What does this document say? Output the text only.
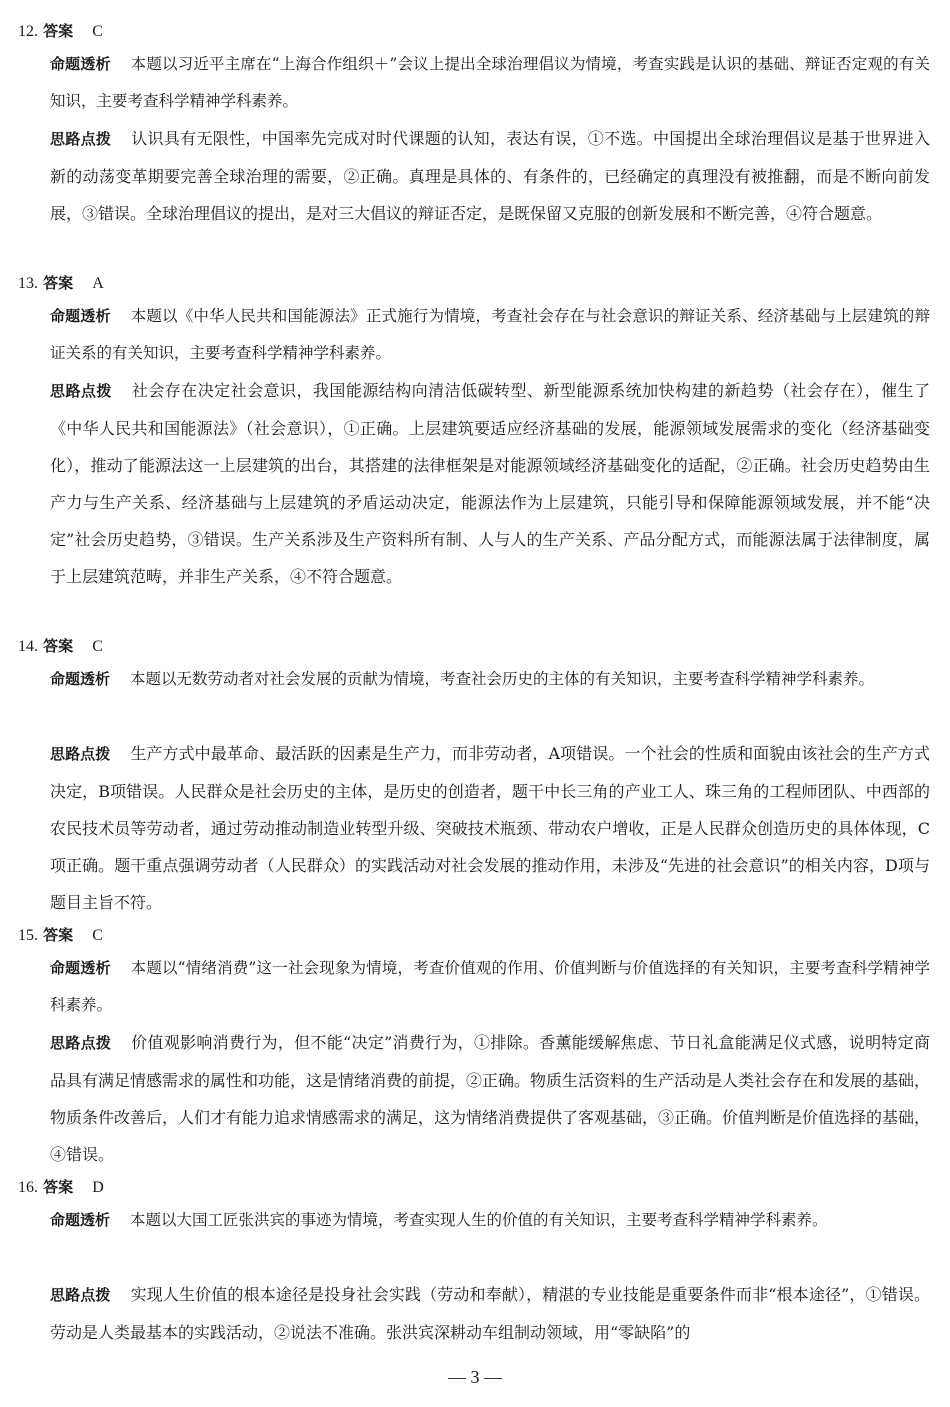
12. 答案 C

命题透析 本题以习近平主席在“上海合作组织＋”会议上提出全球治理倡议为情境，考查实践是认识的基础、辩证否定观的有关知识，主要考查科学精神学科素养。

思路点拨 认识具有无限性，中国率先完成对时代课题的认知，表达有误，①不选。中国提出全球治理倡议是基于世界进入新的动荡变革期要完善全球治理的需要，②正确。真理是具体的、有条件的，已经确定的真理没有被推翻，而是不断向前发展，③错误。全球治理倡议的提出，是对三大倡议的辩证否定，是既保留又克服的创新发展和不断完善，④符合题意。

13. 答案 A

命题透析 本题以《中华人民共和国能源法》正式施行为情境，考查社会存在与社会意识的辩证关系、经济基础与上层建筑的辩证关系的有关知识，主要考查科学精神学科素养。

思路点拨 社会存在决定社会意识，我国能源结构向清洁低碳转型、新型能源系统加快构建的新趋势（社会存在），催生了《中华人民共和国能源法》（社会意识），①正确。上层建筑要适应经济基础的发展，能源领域发展需求的变化（经济基础变化），推动了能源法这一上层建筑的出台，其搭建的法律框架是对能源领域经济基础变化的适配，②正确。社会历史趋势由生产力与生产关系、经济基础与上层建筑的矛盾运动决定，能源法作为上层建筑，只能引导和保障能源领域发展，并不能“决定”社会历史趋势，③错误。生产关系涉及生产资料所有制、人与人的生产关系、产品分配方式，而能源法属于法律制度，属于上层建筑范畴，并非生产关系，④不符合题意。

14. 答案 C

命题透析 本题以无数劳动者对社会发展的贡献为情境，考查社会历史的主体的有关知识，主要考查科学精神学科素养。

思路点拨 生产方式中最革命、最活跃的因素是生产力，而非劳动者，A项错误。一个社会的性质和面貌由该社会的生产方式决定，B项错误。人民群众是社会历史的主体，是历史的创造者，题干中长三角的产业工人、珠三角的工程师团队、中西部的农民技术员等劳动者，通过劳动推动制造业转型升级、突破技术瓶颈、带动农户增收，正是人民群众创造历史的具体体现，C项正确。题干重点强调劳动者（人民群众）的实践活动对社会发展的推动作用，未涉及“先进的社会意识”的相关内容，D项与题目主旨不符。

15. 答案 C

命题透析 本题以“情绪消费”这一社会现象为情境，考查价值观的作用、价值判断与价值选择的有关知识，主要考查科学精神学科素养。

思路点拨 价值观影响消费行为，但不能“决定”消费行为，①排除。香薰能缓解焦虑、节日礼盒能满足仪式感，说明特定商品具有满足情感需求的属性和功能，这是情绪消费的前提，②正确。物质生活资料的生产活动是人类社会存在和发展的基础，物质条件改善后，人们才有能力追求情感需求的满足，这为情绪消费提供了客观基础，③正确。价值判断是价值选择的基础，④错误。

16. 答案 D

命题透析 本题以大国工匠张洪宾的事迹为情境，考查实现人生的价值的有关知识，主要考查科学精神学科素养。

思路点拨 实现人生价值的根本途径是投身社会实践（劳动和奉献），精湛的专业技能是重要条件而非“根本途径”，①错误。劳动是人类最基本的实践活动，②说法不准确。张洪宾深耕动车组制动领域，用“零缺陷”的

— 3 —
